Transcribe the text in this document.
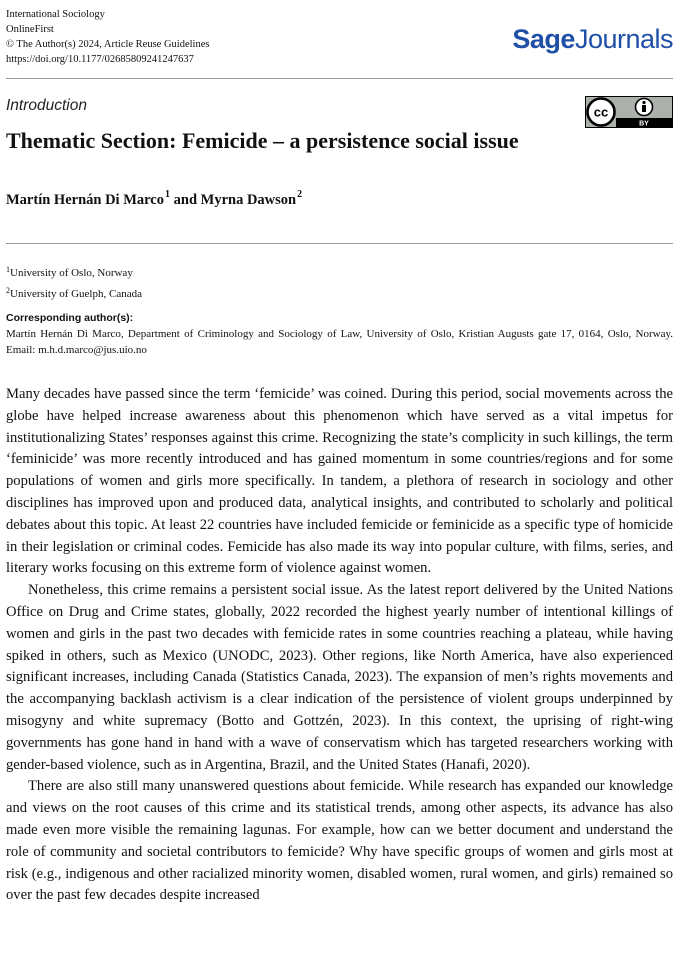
International Sociology
OnlineFirst
© The Author(s) 2024, Article Reuse Guidelines
https://doi.org/10.1177/02685809241247637
SageJournals
Introduction	cc
BY
Thematic Section: Femicide – a persistence social issue
Martín Hernán Di Marco$^1$ and Myrna Dawson$^2$
$^1$University of Oslo, Norway
$^2$University of Guelph, Canada
Corresponding author(s):
Martín Hernán Di Marco, Department of Criminology and Sociology of Law, University of Oslo, Kristian Augusts gate 17, 0164, Oslo, Norway. Email: m.h.d.marco@jus.uio.no

Many decades have passed since the term ‘femicide’ was coined. During this period, social movements across the globe have helped increase awareness about this phenomenon which have served as a vital impetus for institutionalizing States’ responses against this crime. Recognizing the state’s complicity in such killings, the term ‘feminicide’ was more recently introduced and has gained momentum in some countries/regions and for some populations of women and girls more specifically. In tandem, a plethora of research in sociology and other disciplines has improved upon and produced data, analytical insights, and contributed to scholarly and political debates about this topic. At least 22 countries have included femicide or feminicide as a specific type of homicide in their legislation or criminal codes. Femicide has also made its way into popular culture, with films, series, and literary works focusing on this extreme form of violence against women.

Nonetheless, this crime remains a persistent social issue. As the latest report delivered by the United Nations Office on Drug and Crime states, globally, 2022 recorded the highest yearly number of intentional killings of women and girls in the past two decades with femicide rates in some countries reaching a plateau, while having spiked in others, such as Mexico (UNODC, 2023). Other regions, like North America, have also experienced significant increases, including Canada (Statistics Canada, 2023). The expansion of men’s rights movements and the accompanying backlash activism is a clear indication of the persistence of violent groups underpinned by misogyny and white supremacy (Botto and Gottzén, 2023). In this context, the uprising of right-wing governments has gone hand in hand with a wave of conservatism which has targeted researchers working with gender-based violence, such as in Argentina, Brazil, and the United States (Hanafi, 2020).

There are also still many unanswered questions about femicide. While research has expanded our knowledge and views on the root causes of this crime and its statistical trends, among other aspects, its advance has also made even more visible the remaining lagunas. For example, how can we better document and understand the role of community and societal contributors to femicide? Why have specific groups of women and girls most at risk (e.g., indigenous and other racialized minority women, disabled women, rural women, and girls) remained so over the past few decades despite increased
